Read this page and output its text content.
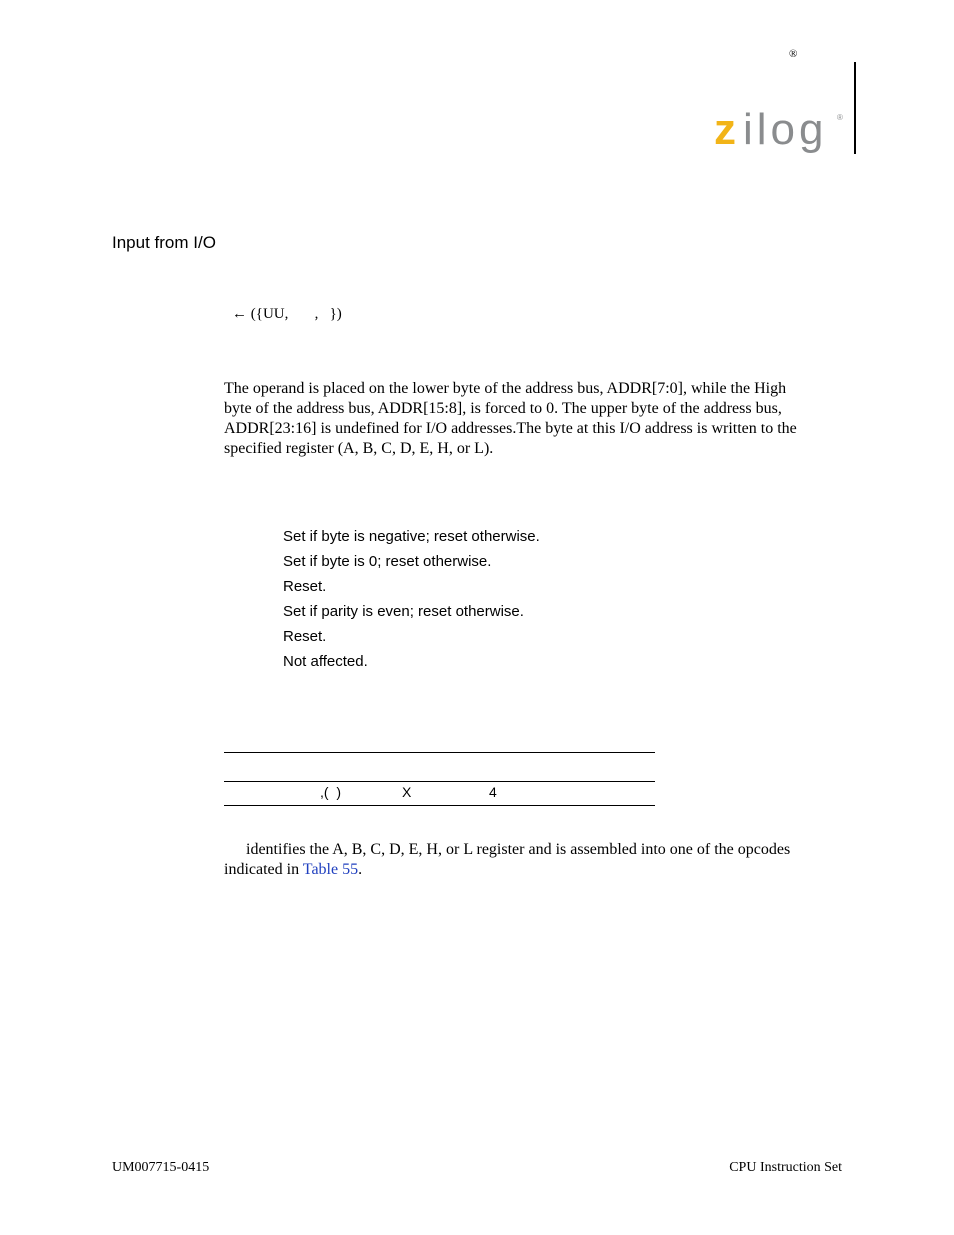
®
z ilog ®
Input from I/O
← ({UU,       ,   })

The operand is placed on the lower byte of the address bus, ADDR[7:0], while the High

byte of the address bus, ADDR[15:8], is forced to 0. The upper byte of the address bus,

ADDR[23:16] is undefined for I/O addresses.The byte at this I/O address is written to the

specified register (A, B, C, D, E, H, or L).

Set if byte is negative; reset otherwise.
Set if byte is 0; reset otherwise.
Reset.
Set if parity is even; reset otherwise.
Reset.
Not affected.
,(  )	X	4
identifies the A, B, C, D, E, H, or L register and is assembled into one of the opcodes
indicated in Table 55.
UM007715-0415	CPU Instruction Set
